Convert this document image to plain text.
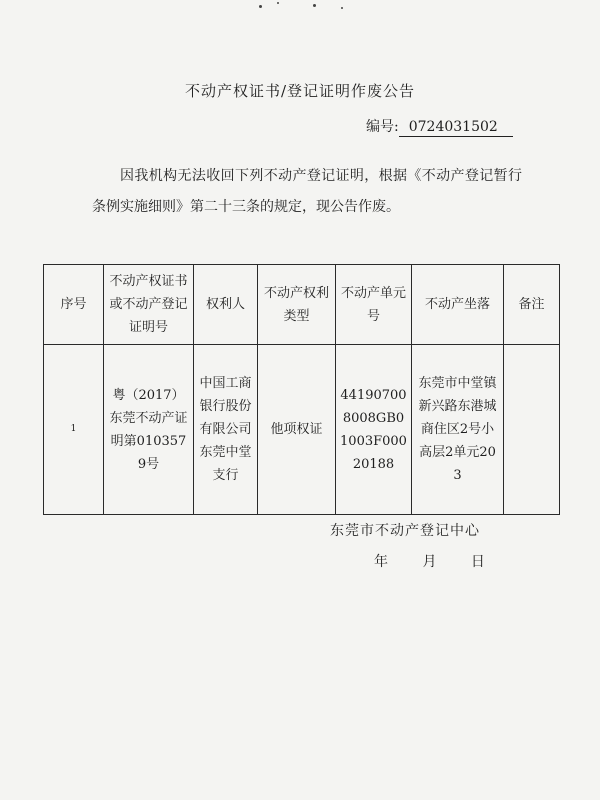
不动产权证书/登记证明作废公告
编号: 0724031502

因我机构无法收回下列不动产登记证明，根据《不动产登记暂行条例实施细则》第二十三条的规定，现公告作废。

序号	不动产权证书或不动产登记证明号	权利人	不动产权利类型	不动产单元号	不动产坐落	备注
1	粤（2017）东莞不动产证明第0103579号	中国工商银行股份有限公司东莞中堂支行	他项权证	441907008008GB01003F00020188	东莞市中堂镇新兴路东港城商住区2号小高层2单元203	
东莞市不动产登记中心
年 月 日
